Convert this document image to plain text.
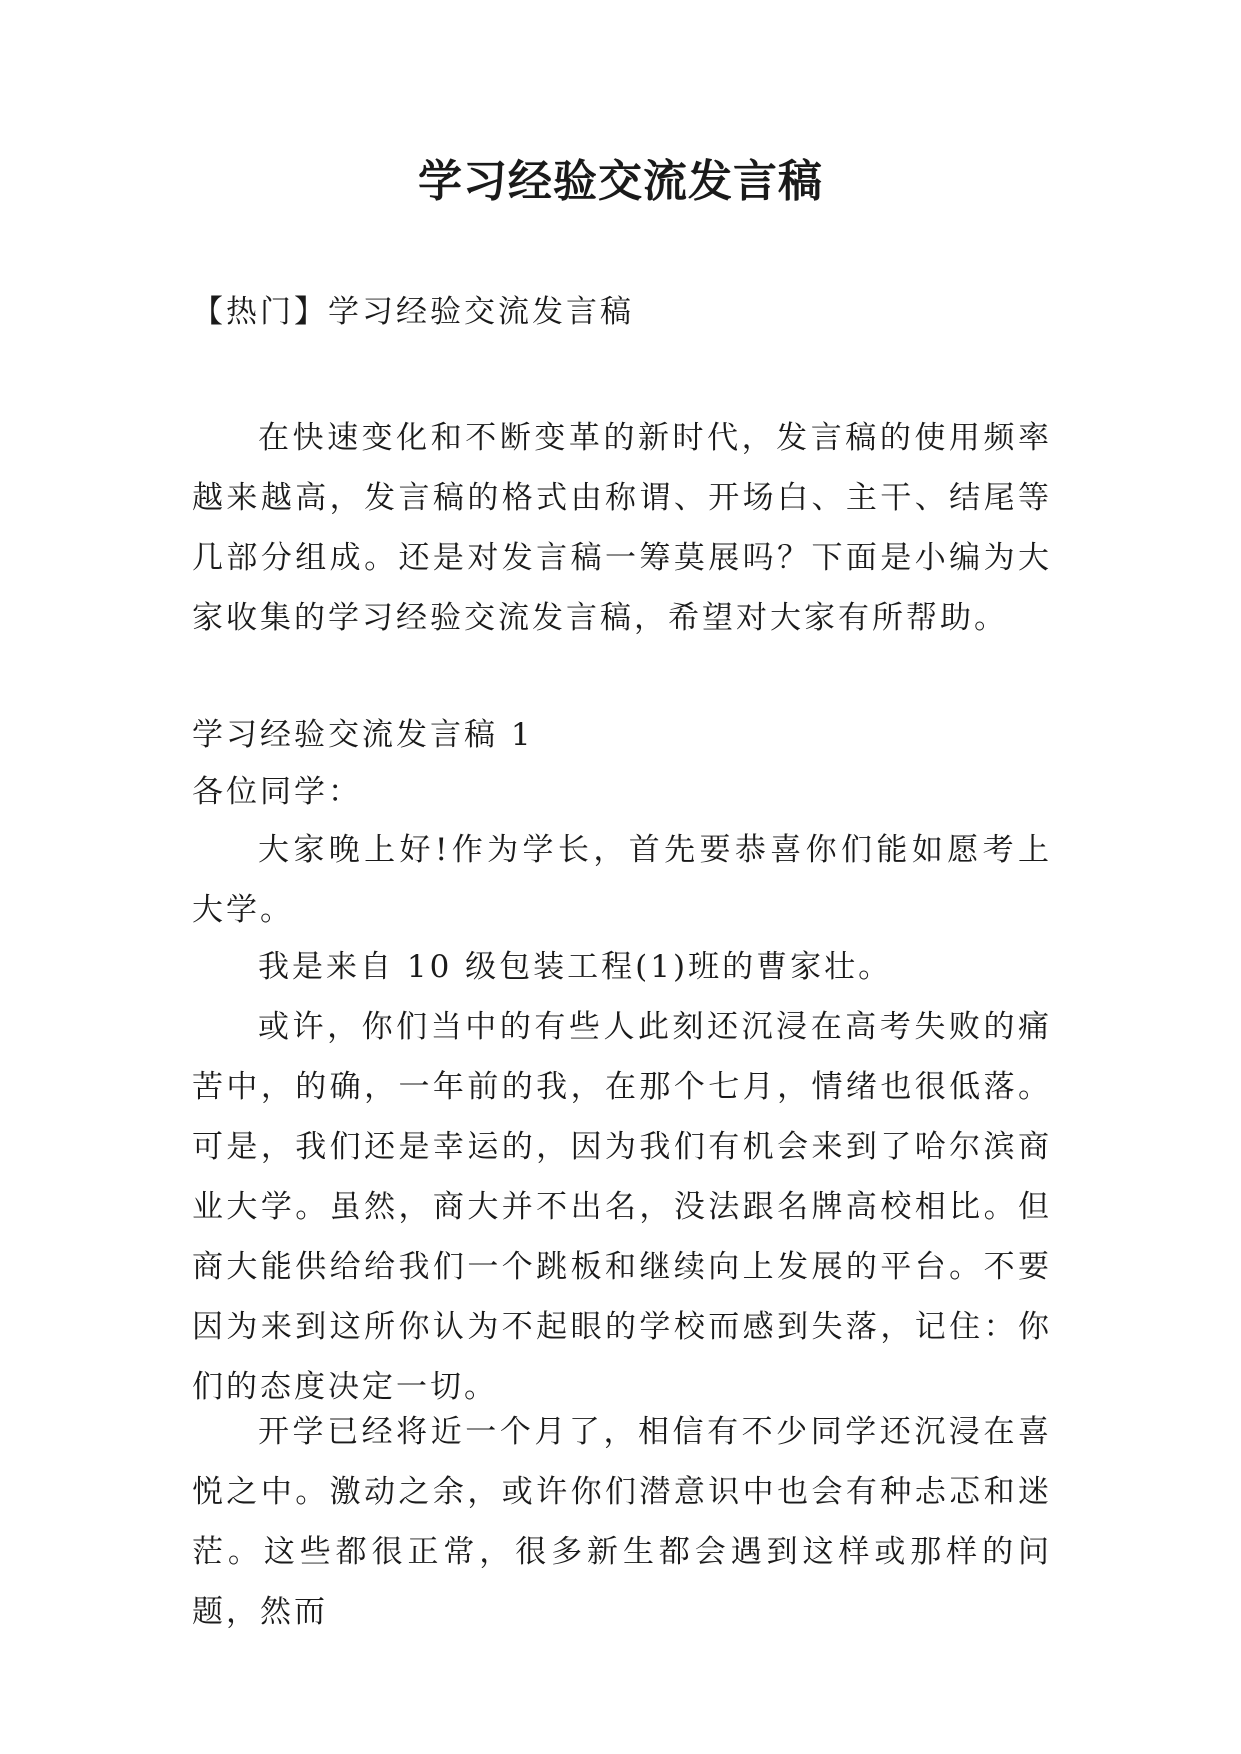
学习经验交流发言稿

【热门】学习经验交流发言稿

在快速变化和不断变革的新时代，发言稿的使用频率越来越高，发言稿的格式由称谓、开场白、主干、结尾等几部分组成。还是对发言稿一筹莫展吗？下面是小编为大家收集的学习经验交流发言稿，希望对大家有所帮助。

学习经验交流发言稿 1

各位同学：

大家晚上好!作为学长，首先要恭喜你们能如愿考上大学。

我是来自 10 级包装工程(1)班的曹家壮。

或许，你们当中的有些人此刻还沉浸在高考失败的痛苦中，的确，一年前的我，在那个七月，情绪也很低落。可是，我们还是幸运的，因为我们有机会来到了哈尔滨商业大学。虽然，商大并不出名，没法跟名牌高校相比。但商大能供给给我们一个跳板和继续向上发展的平台。不要因为来到这所你认为不起眼的学校而感到失落，记住：你们的态度决定一切。

开学已经将近一个月了，相信有不少同学还沉浸在喜悦之中。激动之余，或许你们潜意识中也会有种忐忑和迷茫。这些都很正常，很多新生都会遇到这样或那样的问题，然而
